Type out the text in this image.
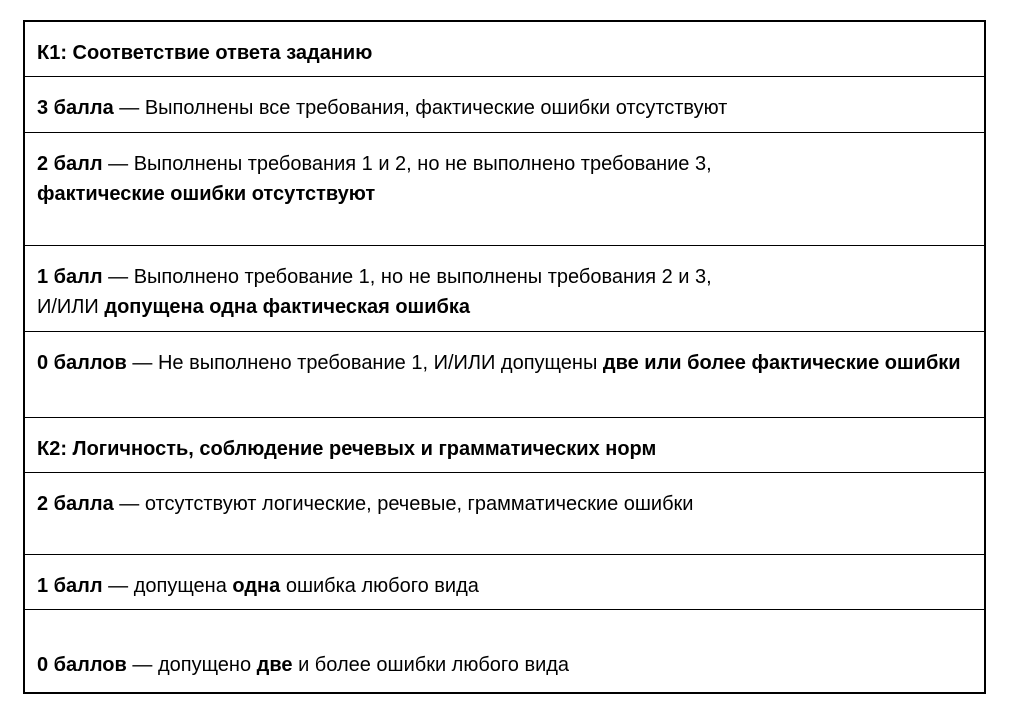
К1: Соответствие ответа заданию
3 балла — Выполнены все требования, фактические ошибки отсутствуют
2 балл — Выполнены требования 1 и 2, но не выполнено требование 3,
фактические ошибки отсутствуют
1 балл — Выполнено требование 1, но не выполнены требования 2 и 3,
И/ИЛИ допущена одна фактическая ошибка
0 баллов — Не выполнено требование 1, И/ИЛИ допущены две или более фактические ошибки
К2: Логичность, соблюдение речевых и грамматических норм
2 балла — отсутствуют логические, речевые, грамматические ошибки
1 балл — допущена одна ошибка любого вида
0 баллов — допущено две и более ошибки любого вида
